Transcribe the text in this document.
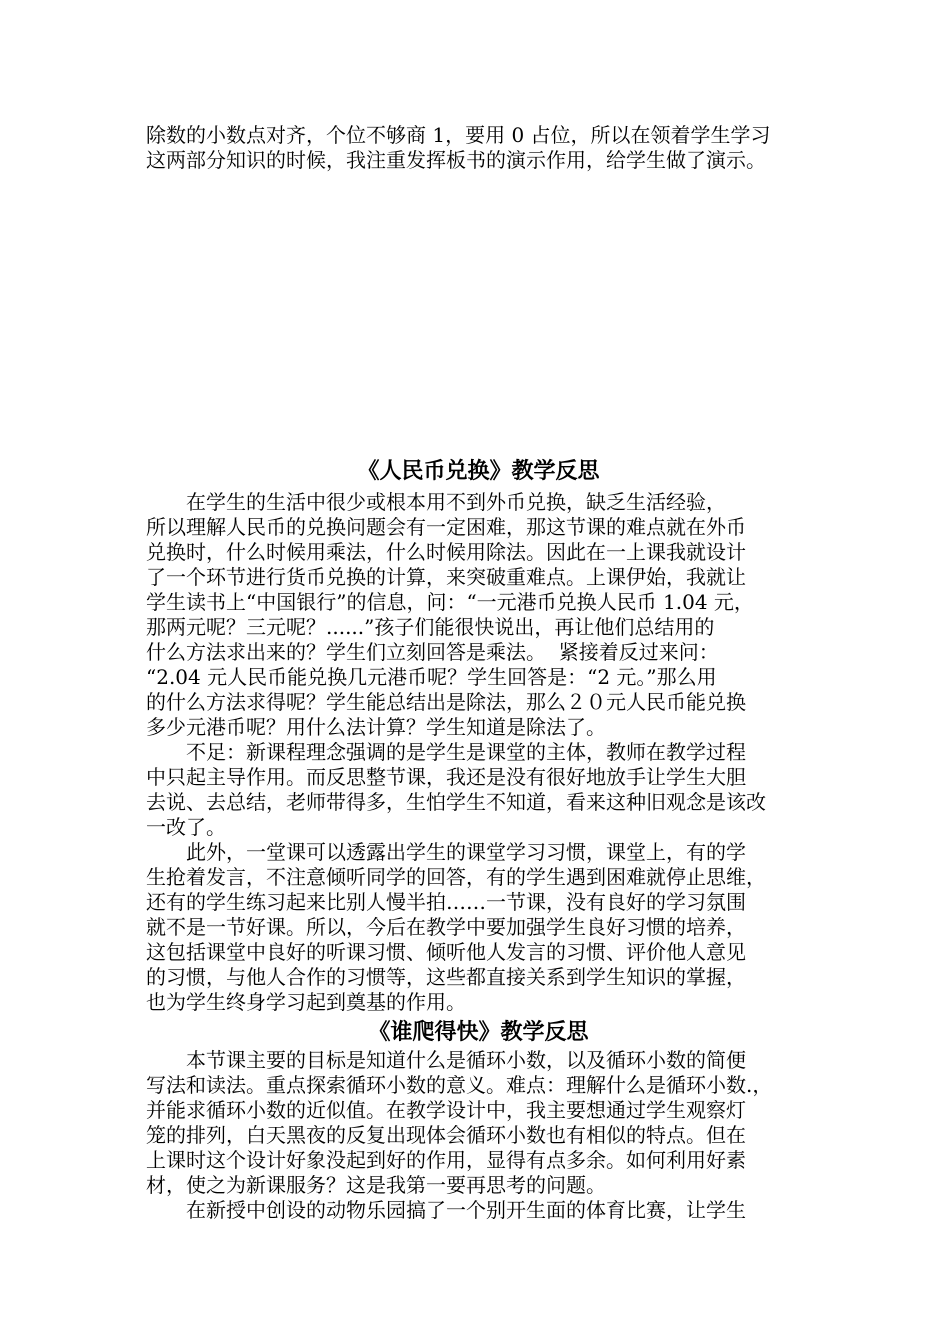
除数的小数点对齐，个位不够商 1，要用 0 占位，所以在领着学生学习

这两部分知识的时候，我注重发挥板书的演示作用，给学生做了演示。

《人民币兑换》教学反思

　　在学生的生活中很少或根本用不到外币兑换，缺乏生活经验，

所以理解人民币的兑换问题会有一定困难，那这节课的难点就在外币

兑换时，什么时候用乘法，什么时候用除法。因此在一上课我就设计

了一个环节进行货币兑换的计算，来突破重难点。上课伊始，我就让

学生读书上“中国银行”的信息，问：“一元港币兑换人民币 1.04 元，

那两元呢？三元呢？......”孩子们能很快说出，再让他们总结用的

什么方法求出来的？学生们立刻回答是乘法。  紧接着反过来问：

“2.04 元人民币能兑换几元港币呢？学生回答是：“2 元。”那么用

的什么方法求得呢？学生能总结出是除法，那么２０元人民币能兑换

多少元港币呢？用什么法计算？学生知道是除法了。

　　不足：新课程理念强调的是学生是课堂的主体，教师在教学过程

中只起主导作用。而反思整节课，我还是没有很好地放手让学生大胆

去说、去总结，老师带得多，生怕学生不知道，看来这种旧观念是该改

一改了。

　　此外，一堂课可以透露出学生的课堂学习习惯，课堂上，有的学

生抢着发言，不注意倾听同学的回答，有的学生遇到困难就停止思维，

还有的学生练习起来比别人慢半拍……一节课，没有良好的学习氛围

就不是一节好课。所以，今后在教学中要加强学生良好习惯的培养，

这包括课堂中良好的听课习惯、倾听他人发言的习惯、评价他人意见

的习惯，与他人合作的习惯等，这些都直接关系到学生知识的掌握，

也为学生终身学习起到奠基的作用。

《谁爬得快》教学反思

　　本节课主要的目标是知道什么是循环小数，以及循环小数的简便

写法和读法。重点探索循环小数的意义。难点：理解什么是循环小数.，

并能求循环小数的近似值。在教学设计中，我主要想通过学生观察灯

笼的排列，白天黑夜的反复出现体会循环小数也有相似的特点。但在

上课时这个设计好象没起到好的作用，显得有点多余。如何利用好素

材，使之为新课服务？这是我第一要再思考的问题。

　　在新授中创设的动物乐园搞了一个别开生面的体育比赛，让学生
